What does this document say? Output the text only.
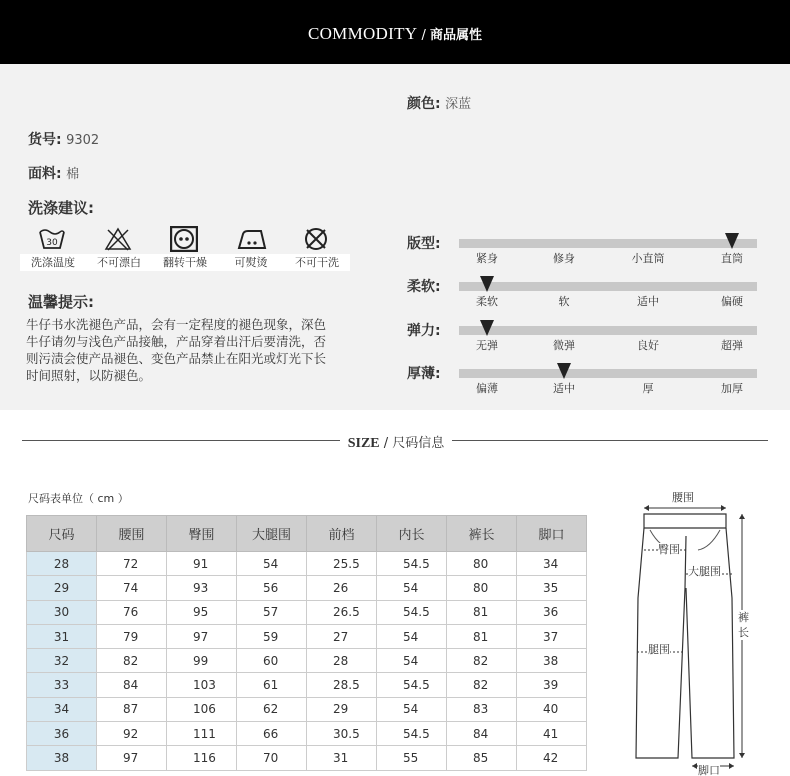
COMMODITY / 商品属性
颜色: 深蓝
货号: 9302
面料: 棉
洗涤建议:
30
洗涤温度	不可漂白	翻转干燥	可熨烫	不可干洗
温馨提示:
牛仔书水洗褪色产品，会有一定程度的褪色现象，深色
牛仔请勿与浅色产品接触，产品穿着出汗后要清洗，否
则污渍会使产品褪色、变色产品禁止在阳光或灯光下长
时间照射，以防褪色。
版型:
紧身	修身	小直筒	直筒
柔软:
柔软	软	适中	偏硬
弹力:
无弹	微弹	良好	超弹
厚薄:
偏薄	适中	厚	加厚
SIZE / 尺码信息
尺码表单位（ cm ）
尺码	腰围	臀围	大腿围	前档	内长	裤长	脚口
28	72	91	54	25.5	54.5	80	34
29	74	93	56	26	54	80	35
30	76	95	57	26.5	54.5	81	36
31	79	97	59	27	54	81	37
32	82	99	60	28	54	82	38
33	84	103	61	28.5	54.5	82	39
34	87	106	62	29	54	83	40
36	92	111	66	30.5	54.5	84	41
38	97	116	70	31	55	85	42
腰围
臀围
大腿围
裤长
腿围
脚口
